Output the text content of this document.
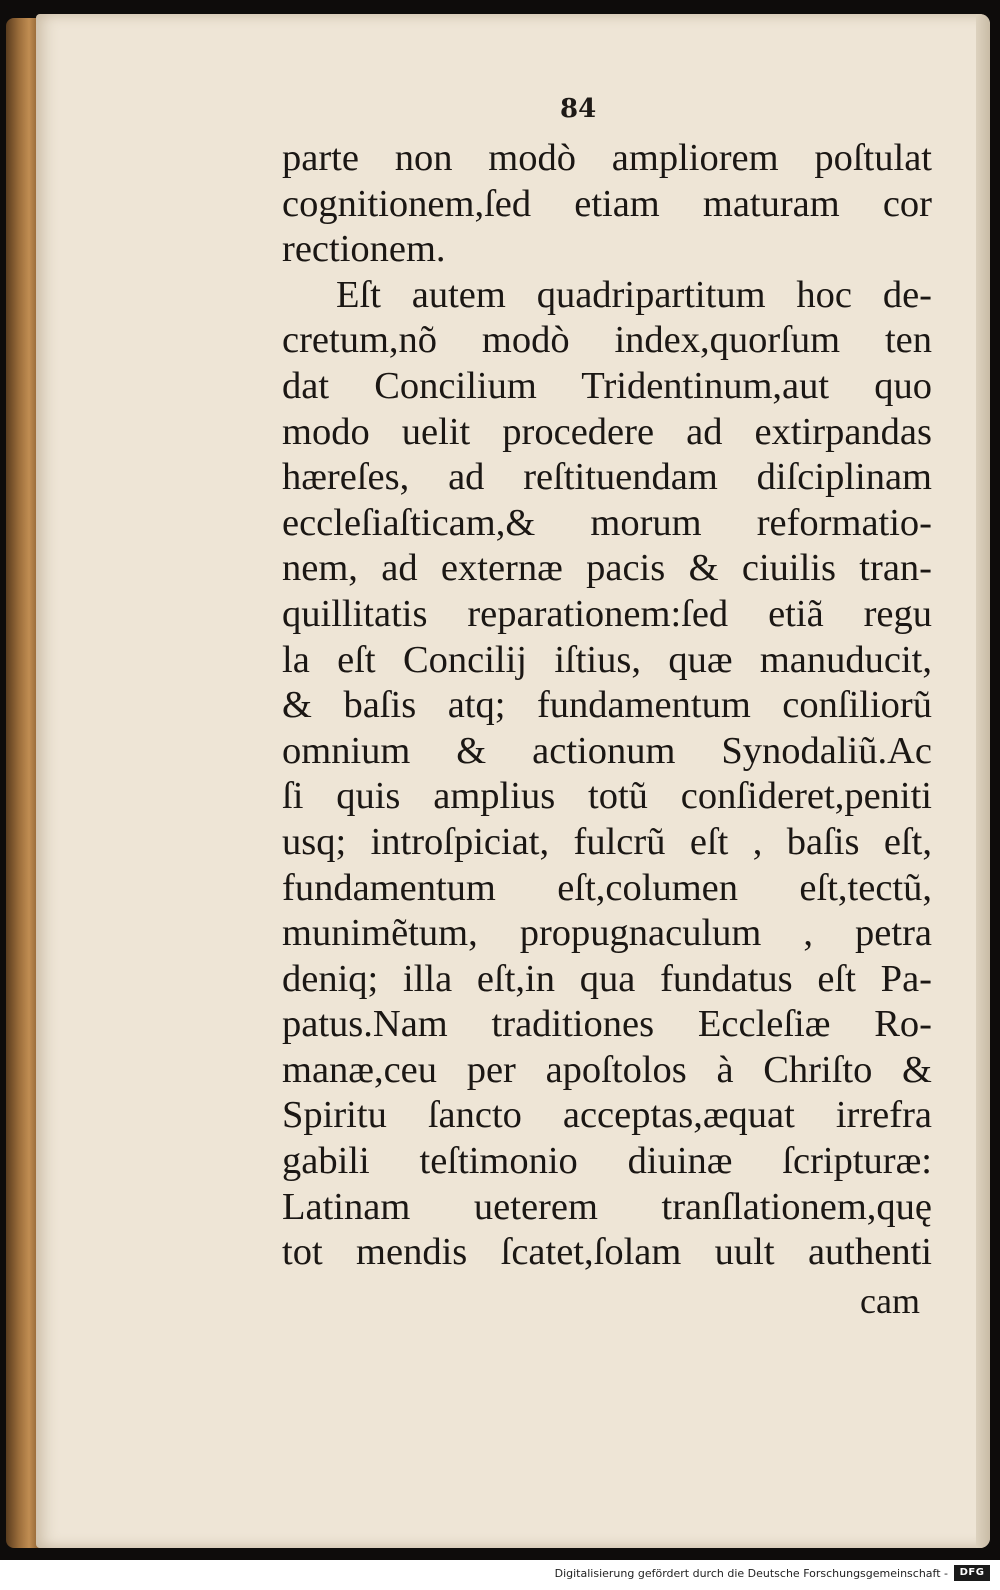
84
parte non modò ampliorem poſtulat
cognitionem,ſed etiam maturam cor
rectionem.
Eſt autem quadripartitum hoc de-
cretum,nõ modò index,quorſum ten
dat Concilium Tridentinum,aut quo
modo uelit procedere ad extirpandas
hæreſes, ad reſtituendam diſciplinam
eccleſiaſticam,& morum reformatio-
nem, ad externæ pacis & ciuilis tran-
quillitatis reparationem:ſed etiã regu
la eſt Concilij iſtius, quæ manuducit,
& baſis atq; fundamentum conſiliorũ
omnium & actionum Synodaliũ.Ac
ſi quis amplius totũ conſideret,peniti
usq; introſpiciat, fulcrũ eſt , baſis eſt,
fundamentum eſt,columen eſt,tectũ,
munimẽtum, propugnaculum , petra
deniq; illa eſt,in qua fundatus eſt Pa-
patus.Nam traditiones Eccleſiæ Ro-
manæ,ceu per apoſtolos à Chriſto &
Spiritu ſancto acceptas,æquat irrefra
gabili teſtimonio diuinæ ſcripturæ:
Latinam ueterem tranſlationem,quę
tot mendis ſcatet,ſolam uult authenti
cam
Digitalisierung gefördert durch die Deutsche Forschungsgemeinschaft -	DFG
